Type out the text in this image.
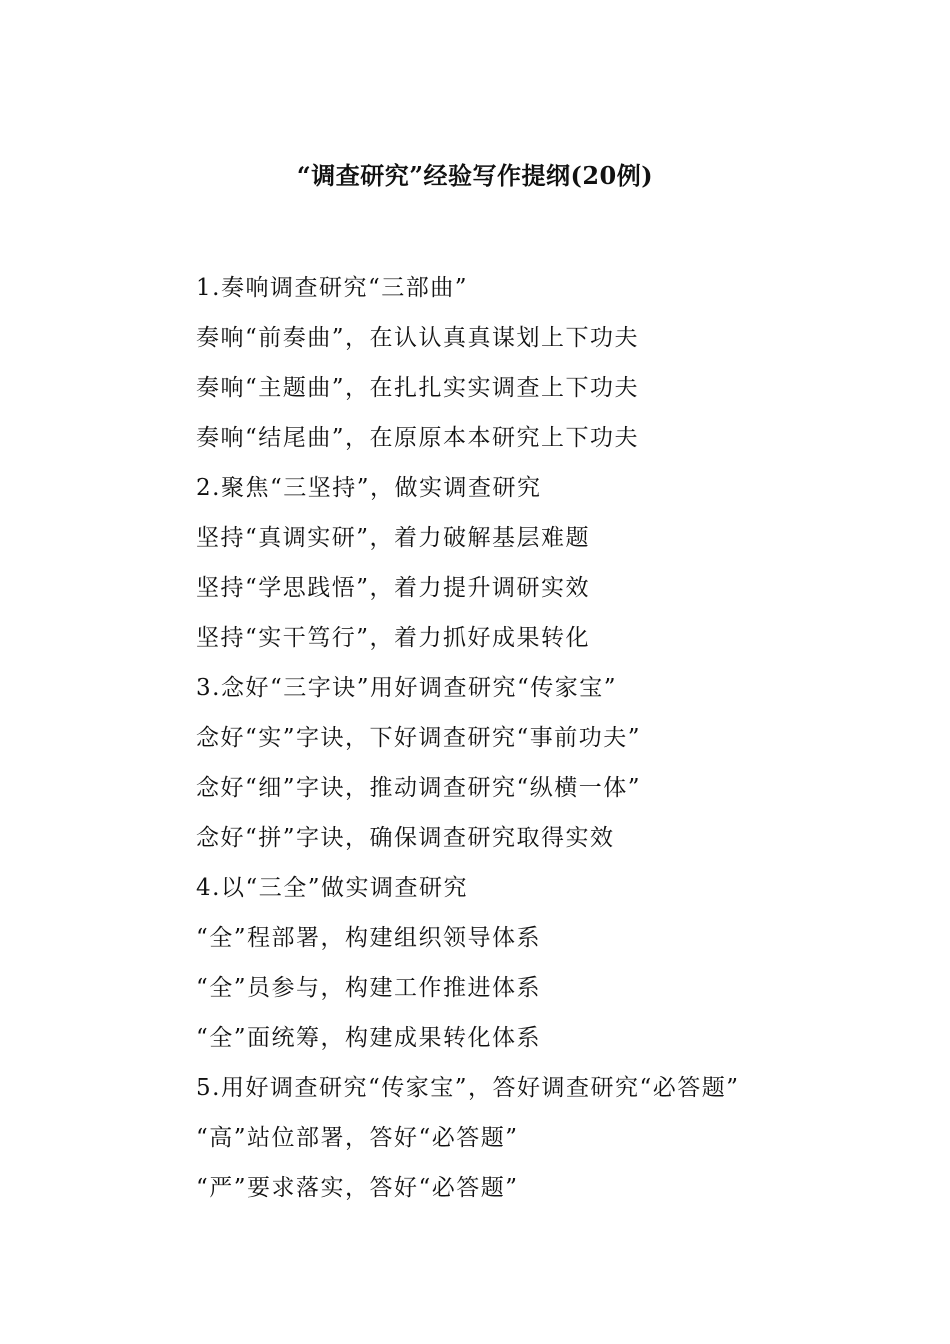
“调查研究”经验写作提纲(20例)
1.奏响调查研究“三部曲”
奏响“前奏曲”，在认认真真谋划上下功夫
奏响“主题曲”，在扎扎实实调查上下功夫
奏响“结尾曲”，在原原本本研究上下功夫
2.聚焦“三坚持”，做实调查研究
坚持“真调实研”，着力破解基层难题
坚持“学思践悟”，着力提升调研实效
坚持“实干笃行”，着力抓好成果转化
3.念好“三字诀”用好调查研究“传家宝”
念好“实”字诀，下好调查研究“事前功夫”
念好“细”字诀，推动调查研究“纵横一体”
念好“拼”字诀，确保调查研究取得实效
4.以“三全”做实调查研究
“全”程部署，构建组织领导体系
“全”员参与，构建工作推进体系
“全”面统筹，构建成果转化体系
5.用好调查研究“传家宝”，答好调查研究“必答题”
“高”站位部署，答好“必答题”
“严”要求落实，答好“必答题”
